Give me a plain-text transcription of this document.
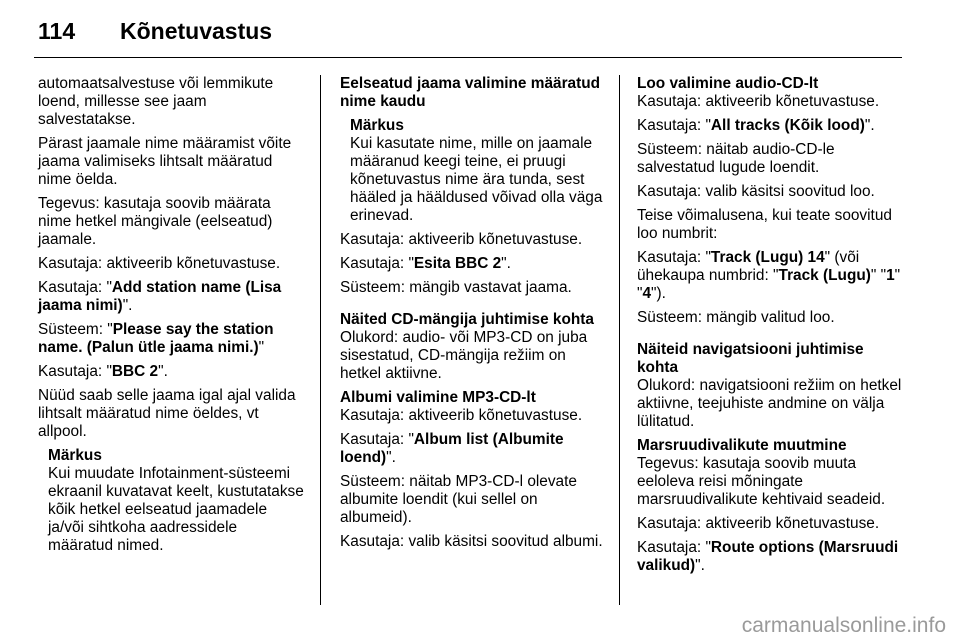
114 Kõnetuvastus

automaatsalvestuse või lemmikute loend, millesse see jaam salvestatakse.

Pärast jaamale nime määramist võite jaama valimiseks lihtsalt määratud nime öelda.

Tegevus: kasutaja soovib määrata nime hetkel mängivale (eelseatud) jaamale.

Kasutaja: aktiveerib kõnetuvastuse.

Kasutaja: "Add station name (Lisa jaama nimi)".

Süsteem: "Please say the station name. (Palun ütle jaama nimi.)"

Kasutaja: "BBC 2".

Nüüd saab selle jaama igal ajal valida lihtsalt määratud nime öeldes, vt allpool.

Märkus
Kui muudate Infotainment-süsteemi ekraanil kuvatavat keelt, kustutatakse kõik hetkel eelseatud jaamadele ja/või sihtkoha aadressidele määratud nimed.

Eelseatud jaama valimine määratud nime kaudu

Märkus
Kui kasutate nime, mille on jaamale määranud keegi teine, ei pruugi kõnetuvastus nime ära tunda, sest hääled ja hääldused võivad olla väga erinevad.

Kasutaja: aktiveerib kõnetuvastuse.

Kasutaja: "Esita BBC 2".

Süsteem: mängib vastavat jaama.

Näited CD-mängija juhtimise kohta

Olukord: audio- või MP3-CD on juba sisestatud, CD-mängija režiim on hetkel aktiivne.

Albumi valimine MP3-CD-lt

Kasutaja: aktiveerib kõnetuvastuse.

Kasutaja: "Album list (Albumite loend)".

Süsteem: näitab MP3-CD-l olevate albumite loendit (kui sellel on albumeid).

Kasutaja: valib käsitsi soovitud albumi.

Loo valimine audio-CD-lt

Kasutaja: aktiveerib kõnetuvastuse.

Kasutaja: "All tracks (Kõik lood)".

Süsteem: näitab audio-CD-le salvestatud lugude loendit.

Kasutaja: valib käsitsi soovitud loo.

Teise võimalusena, kui teate soovitud loo numbrit:

Kasutaja: "Track (Lugu) 14" (või ühekaupa numbrid: "Track (Lugu)" "1" "4").

Süsteem: mängib valitud loo.

Näiteid navigatsiooni juhtimise kohta

Olukord: navigatsiooni režiim on hetkel aktiivne, teejuhiste andmine on välja lülitatud.

Marsruudivalikute muutmine

Tegevus: kasutaja soovib muuta eeloleva reisi mõningate marsruudivalikute kehtivaid seadeid.

Kasutaja: aktiveerib kõnetuvastuse.

Kasutaja: "Route options (Marsruudi valikud)".

carmanualsonline.info
